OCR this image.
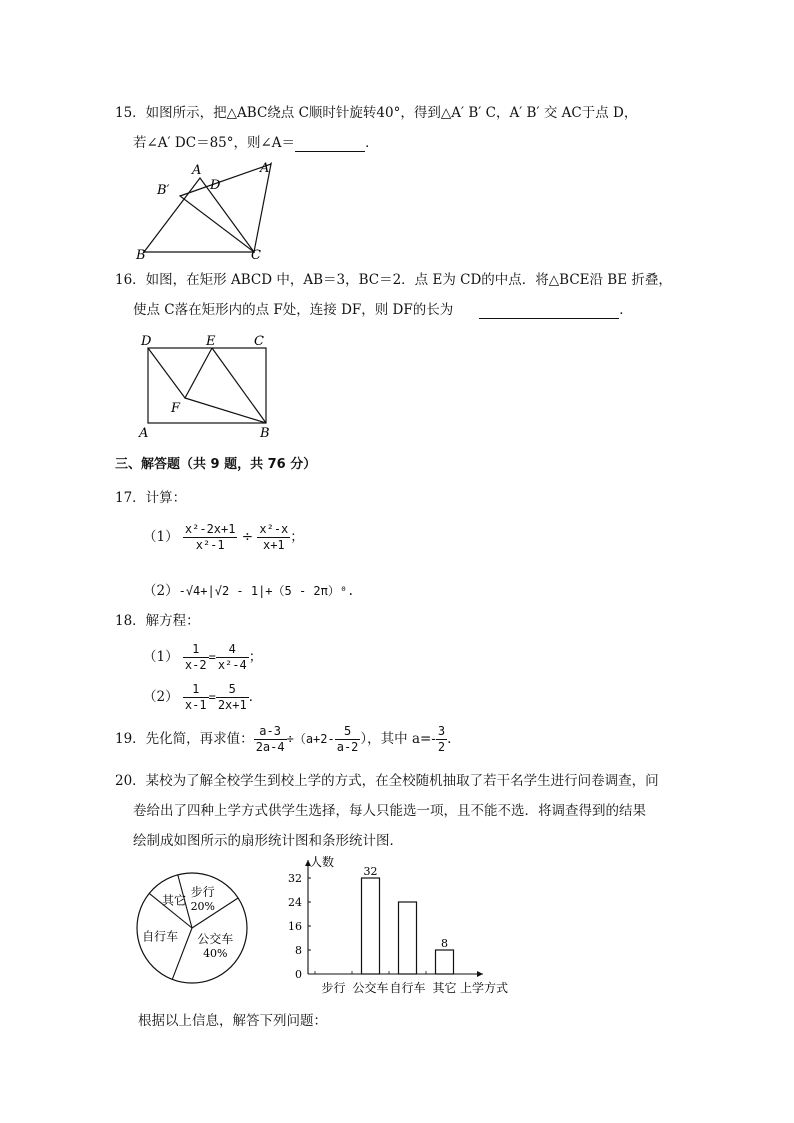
15．如图所示，把△ABC绕点 C顺时针旋转40°，得到△A′ B′ C，A′ B′ 交 AC于点 D，
若∠A′ DC＝85°，则∠A＝	．
A	A′
B′	D
B	C
16．如图，在矩形 ABCD 中，AB＝3，BC＝2．点 E为 CD的中点．将△BCE沿 BE 折叠，
使点 C落在矩形内的点 F处，连接 DF，则 DF的长为	．
D	E	C
F
A	B
三、解答题（共 9 题，共 76 分）
17．计算：
$(1) \frac{\text{x²-2x+1}}{\text{x²-1}} \div \frac{\text{x²-x}}{x+1}$ ；
（2）-√4+|√2 - 1|+（5 - 2π）⁰.
18．解方程：
$(1) \frac{1}{x-2} = \frac{4}{\text{x²-4}}$ ；
$(2) \frac{1}{x-1} = \frac{5}{2x+1}$ ．
19．先化简，再求值： $\frac{a-3}{2a-4} \div(a+2- \frac{5}{a-2}$ ），其中 $a=- \frac{3}{2}$ .
20．某校为了解全校学生到校上学的方式，在全校随机抽取了若干名学生进行问卷调查，问
卷给出了四种上学方式供学生选择，每人只能选一项，且不能不选．将调查得到的结果
绘制成如图所示的扇形统计图和条形统计图．
步行
20%
公交车
40%
自行车
其它
人数
上学方式
0
8
16
24
32
步行 公交车
32
自行车 其它
8
根据以上信息，解答下列问题：
